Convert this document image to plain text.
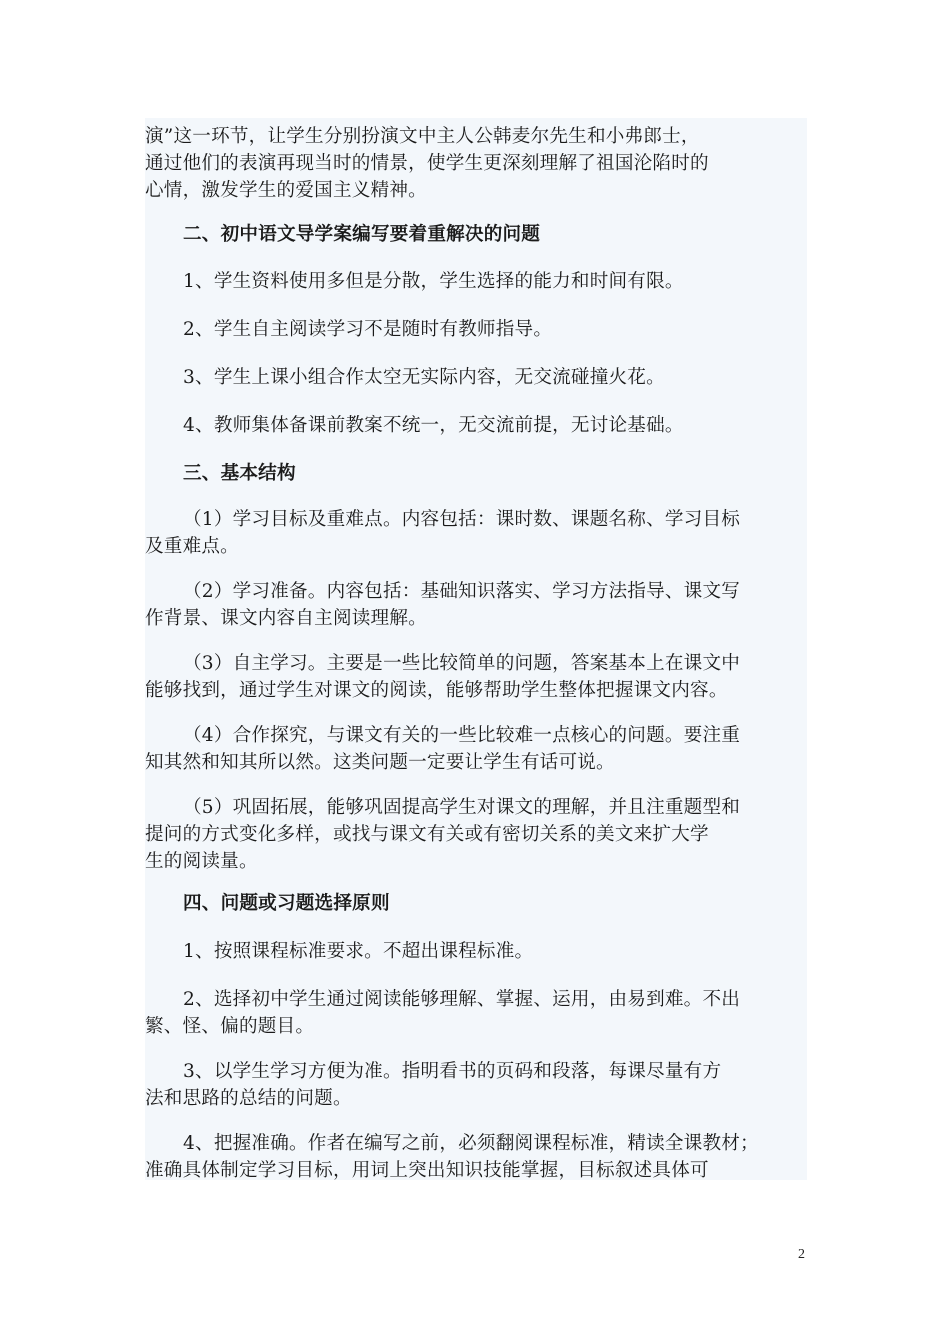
演”这一环节，让学生分别扮演文中主人公韩麦尔先生和小弗郎士，
通过他们的表演再现当时的情景，使学生更深刻理解了祖国沦陷时的
心情，激发学生的爱国主义精神。

二、初中语文导学案编写要着重解决的问题

1、学生资料使用多但是分散，学生选择的能力和时间有限。

2、学生自主阅读学习不是随时有教师指导。

3、学生上课小组合作太空无实际内容，无交流碰撞火花。

4、教师集体备课前教案不统一，无交流前提，无讨论基础。

三、基本结构

（1）学习目标及重难点。内容包括：课时数、课题名称、学习目标
及重难点。

（2）学习准备。内容包括：基础知识落实、学习方法指导、课文写
作背景、课文内容自主阅读理解。

（3）自主学习。主要是一些比较简单的问题，答案基本上在课文中
能够找到，通过学生对课文的阅读，能够帮助学生整体把握课文内容。

（4）合作探究，与课文有关的一些比较难一点核心的问题。要注重
知其然和知其所以然。这类问题一定要让学生有话可说。

（5）巩固拓展，能够巩固提高学生对课文的理解，并且注重题型和
提问的方式变化多样，或找与课文有关或有密切关系的美文来扩大学
生的阅读量。

四、问题或习题选择原则

1、按照课程标准要求。不超出课程标准。

2、选择初中学生通过阅读能够理解、掌握、运用，由易到难。不出
繁、怪、偏的题目。

3、以学生学习方便为准。指明看书的页码和段落，每课尽量有方
法和思路的总结的问题。

4、把握准确。作者在编写之前，必须翻阅课程标准，精读全课教材；
准确具体制定学习目标，用词上突出知识技能掌握，目标叙述具体可

2
